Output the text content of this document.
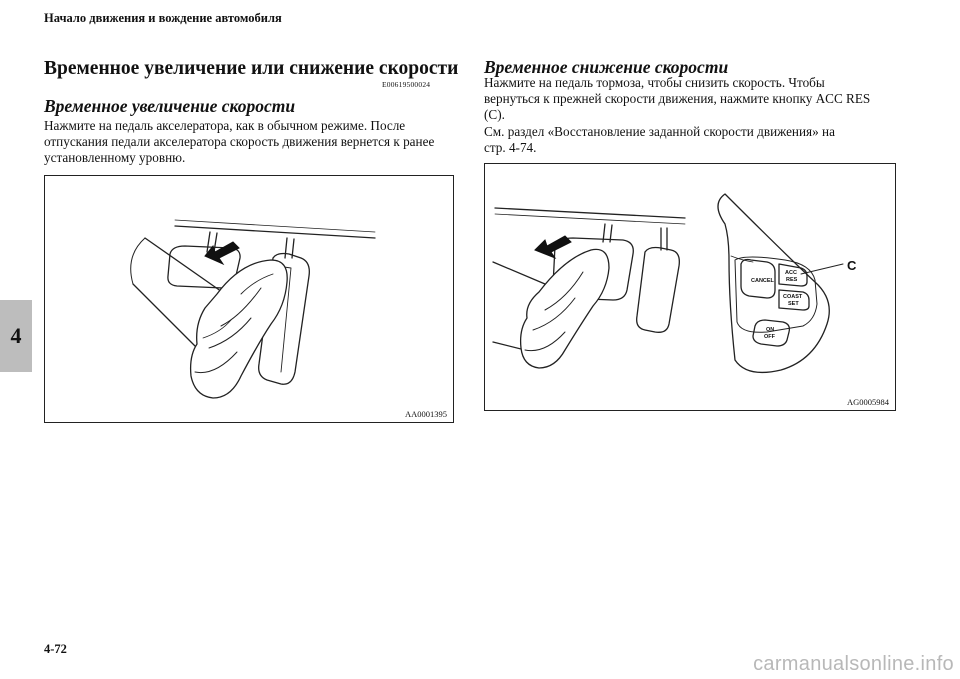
Начало движения и вождение автомобиля
4
Временное увеличение или снижение скорости
E00619500024
Временное увеличение скорости
Нажмите на педаль акселератора, как в обычном режиме. После
отпускания педали акселератора скорость движения вернется к ранее
установленному уровню.
AA0001395
Временное снижение скорости
Нажмите на педаль тормоза, чтобы снизить скорость. Чтобы
вернуться к прежней скорости движения, нажмите кнопку ACC RES
(C).
См. раздел «Восстановление заданной скорости движения» на
стр. 4-74.
CANCEL
ACC
RES
COAST
SET
ON
OFF
C
AG0005984
4-72
carmanualsonline.info
